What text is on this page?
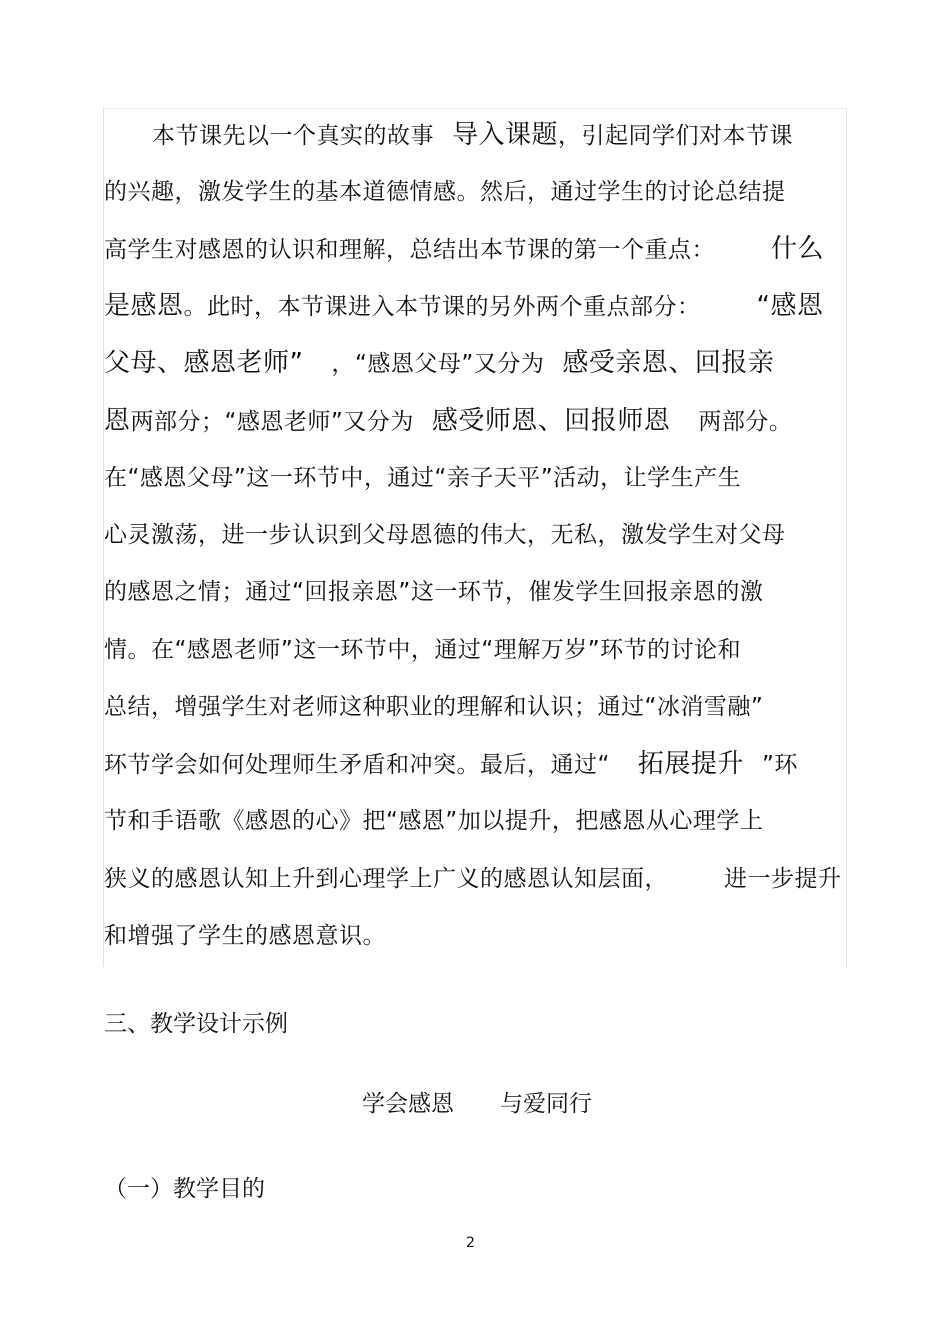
本节课先以一个真实的故事 导入课题，引起同学们对本节课
的兴趣，激发学生的基本道德情感。然后，通过学生的讨论总结提
高学生对感恩的认识和理解，总结出本节课的第一个重点： 什么
是感恩。此时，本节课进入本节课的另外两个重点部分： “感恩
父母、感恩老师” ，“感恩父母”又分为 感受亲恩、回报亲
恩两部分；“感恩老师”又分为 感受师恩、回报师恩 两部分。
在“感恩父母”这一环节中，通过“亲子天平”活动，让学生产生
心灵激荡，进一步认识到父母恩德的伟大，无私，激发学生对父母
的感恩之情；通过“回报亲恩”这一环节，催发学生回报亲恩的激
情。在“感恩老师”这一环节中，通过“理解万岁”环节的讨论和
总结，增强学生对老师这种职业的理解和认识；通过“冰消雪融”
环节学会如何处理师生矛盾和冲突。最后，通过“ 拓展提升 ”环
节和手语歌《感恩的心》把“感恩”加以提升，把感恩从心理学上
狭义的感恩认知上升到心理学上广义的感恩认知层面， 进一步提升
和增强了学生的感恩意识。
三、教学设计示例
学会感恩 与爱同行
（一）教学目的
2
